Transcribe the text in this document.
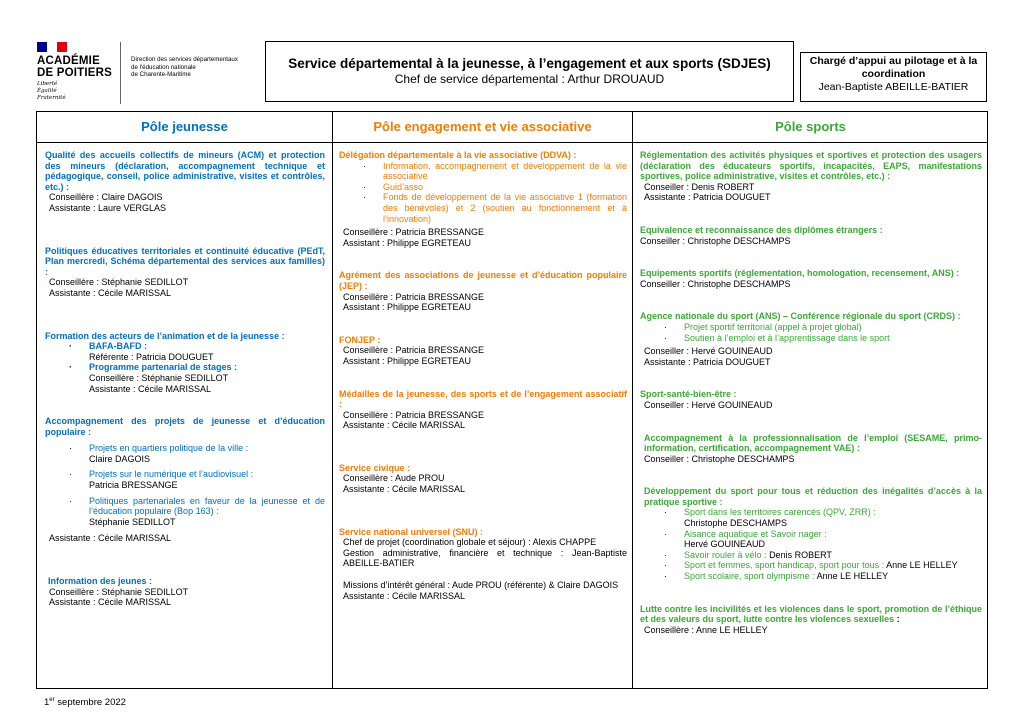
ACADÉMIE
DE POITIERS
Liberté
Égalité
Fraternité
Direction des services départementaux
de l'éducation nationale
de Charente-Maritime
Service départemental à la jeunesse, à l’engagement et aux sports (SDJES)
Chef de service départemental : Arthur DROUAUD
Chargé d’appui au pilotage et à la coordination
Jean-Baptiste ABEILLE-BATIER
Pôle jeunesse	Pôle engagement et vie associative	Pôle sports
Qualité des accueils collectifs de mineurs (ACM) et protection des mineurs (déclaration, accompagnement technique et pédagogique, conseil, police administrative, visites et contrôles, etc.) :
Conseillère : Claire DAGOIS
Assistante : Laure VERGLAS
Politiques éducatives territoriales et continuité éducative (PEdT, Plan mercredi, Schéma départemental des services aux familles) :
Conseillère : Stéphanie SEDILLOT
Assistante : Cécile MARISSAL
Formation des acteurs de l’animation et de la jeunesse :
· BAFA-BAFD :
Référente : Patricia DOUGUET
· Programme partenarial de stages :
Conseillère : Stéphanie SEDILLOT
Assistante : Cécile MARISSAL
Accompagnement des projets de jeunesse et d’éducation populaire :
· Projets en quartiers politique de la ville :
Claire DAGOIS
· Projets sur le numérique et l’audiovisuel :
Patricia BRESSANGE
· Politiques partenariales en faveur de la jeunesse et de l’éducation populaire (Bop 163) :
Stéphanie SEDILLOT
Assistante : Cécile MARISSAL
Information des jeunes :
Conseillère : Stéphanie SEDILLOT
Assistante : Cécile MARISSAL
Délégation départementale à la vie associative (DDVA) :
· Information, accompagnement et développement de la vie associative
· Guid’asso
· Fonds de développement de la vie associative 1 (formation des bénévoles) et 2 (soutien au fonctionnement et à l’innovation)
Conseillère : Patricia BRESSANGE
Assistant : Philippe EGRETEAU
Agrément des associations de jeunesse et d’éducation populaire (JEP) :
Conseillère : Patricia BRESSANGE
Assistant : Philippe EGRETEAU
FONJEP :
Conseillère : Patricia BRESSANGE
Assistant : Philippe EGRETEAU
Médailles de la jeunesse, des sports et de l’engagement associatif :
Conseillère : Patricia BRESSANGE
Assistante : Cécile MARISSAL
Service civique :
Conseillère : Aude PROU
Assistante : Cécile MARISSAL
Service national universel (SNU) :
Chef de projet (coordination globale et séjour) : Alexis CHAPPE
Gestion administrative, financière et technique : Jean-Baptiste ABEILLE-BATIER
Missions d’intérêt général : Aude PROU (référente) & Claire DAGOIS
Assistante : Cécile MARISSAL
Réglementation des activités physiques et sportives et protection des usagers (déclaration des éducateurs sportifs, incapacités, EAPS, manifestations sportives, police administrative, visites et contrôles, etc.) :
Conseiller : Denis ROBERT
Assistante : Patricia DOUGUET
Equivalence et reconnaissance des diplômes étrangers :
Conseiller : Christophe DESCHAMPS
Equipements sportifs (réglementation, homologation, recensement, ANS) :
Conseiller : Christophe DESCHAMPS
Agence nationale du sport (ANS) – Conférence régionale du sport (CRDS) :
· Projet sportif territorial (appel à projet global)
· Soutien à l’emploi et à l’apprentissage dans le sport
Conseiller : Hervé GOUINEAUD
Assistante : Patricia DOUGUET
Sport-santé-bien-être :
Conseiller : Hervé GOUINEAUD
Accompagnement à la professionnalisation de l’emploi (SESAME, primo-information, certification, accompagnement VAE) :
Conseiller : Christophe DESCHAMPS
Développement du sport pour tous et réduction des inégalités d’accès à la pratique sportive :
· Sport dans les territoires carencés (QPV, ZRR) :
Christophe DESCHAMPS
· Aisance aquatique et Savoir nager :
Hervé GOUINEAUD
· Savoir rouler à vélo : Denis ROBERT
· Sport et femmes, sport handicap, sport pour tous : Anne LE HELLEY
· Sport scolaire, sport olympisme : Anne LE HELLEY
Lutte contre les incivilités et les violences dans le sport, promotion de l’éthique et des valeurs du sport, lutte contre les violences sexuelles :
Conseillère : Anne LE HELLEY
1er septembre 2022
